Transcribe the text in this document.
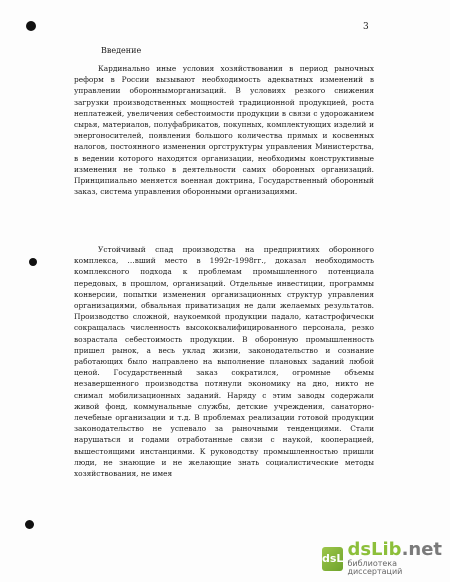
3
Введение

Кардинально иные условия хозяйствования в период рыночных реформ в России вызывают необходимость адекватных изменений в управлении оборонныморганизаций. В условиях резкого снижения загрузки производственных мощностей традиционной продукцией, роста неплатежей, увеличения себестоимости продукции в связи с удорожанием сырья, материалов, полуфабрикатов, покупных, комплектующих изделий и энергоносителей, появления большого количества прямых и косвенных налогов, постоянного изменения оргструктуры управления Министерства, в ведении которого находятся организации, необходимы конструктивные изменения не только в деятельности самих оборонных организаций. Принципиально меняется военная доктрина, Государственный оборонный заказ, система управления оборонными организациями.

Устойчивый спад производства на предприятиях оборонного комплекса, …вший место в 1992г-1998гг., доказал необходимость комплексного подхода к проблемам промышленного потенциала передовых, в прошлом, организаций. Отдельные инвестиции, программы конверсии, попытки изменения организационных структур управления организациями, обвальная приватизация не дали желаемых результатов. Производство сложной, наукоемкой продукции падало, катастрофически сокращалась численность высококвалифицированного персонала, резко возрастала себестоимость продукции. В оборонную промышленность пришел рынок, а весь уклад жизни, законодательство и сознание работающих было направлено на выполнение плановых заданий любой ценой. Государственный заказ сократился, огромные объемы незавершенного производства потянули экономику на дно, никто не снимал мобилизационных заданий. Наряду с этим заводы содержали живой фонд, коммунальные службы, детские учреждения, санаторно-лечебные организации и т.д. В проблемах реализации готовой продукции законодательство не успевало за рыночными тенденциями. Стали нарушаться и годами отработанные связи с наукой, кооперацией, вышестоящими инстанциями. К руководству промышленностью пришли люди, не знающие и не желающие знать социалистические методы хозяйствования, не имея

dsL dsLib.net
библиотека диссертаций
